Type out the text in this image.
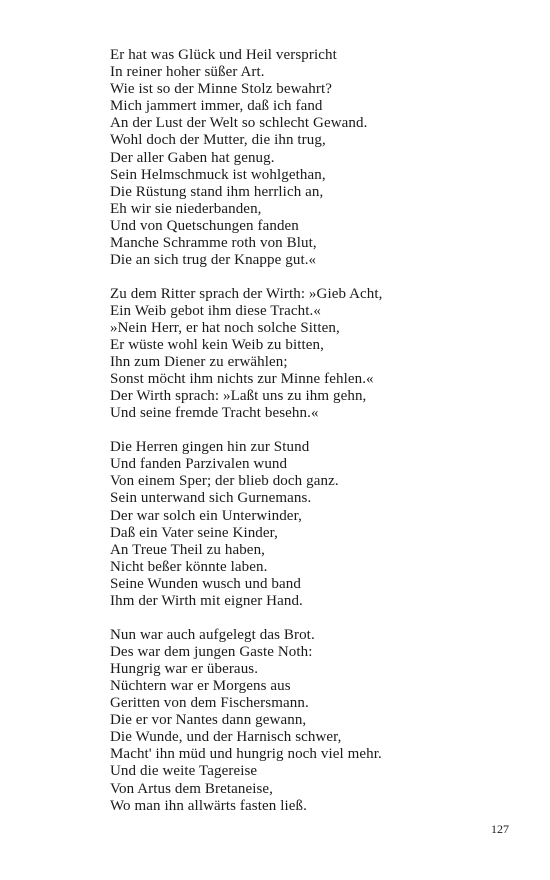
Er hat was Glück und Heil verspricht
In reiner hoher süßer Art.
Wie ist so der Minne Stolz bewahrt?
Mich jammert immer, daß ich fand
An der Lust der Welt so schlecht Gewand.
Wohl doch der Mutter, die ihn trug,
Der aller Gaben hat genug.
Sein Helmschmuck ist wohlgethan,
Die Rüstung stand ihm herrlich an,
Eh wir sie niederbanden,
Und von Quetschungen fanden
Manche Schramme roth von Blut,
Die an sich trug der Knappe gut.«
Zu dem Ritter sprach der Wirth: »Gieb Acht,
Ein Weib gebot ihm diese Tracht.«
»Nein Herr, er hat noch solche Sitten,
Er wüste wohl kein Weib zu bitten,
Ihn zum Diener zu erwählen;
Sonst möcht ihm nichts zur Minne fehlen.«
Der Wirth sprach: »Laßt uns zu ihm gehn,
Und seine fremde Tracht besehn.«
Die Herren gingen hin zur Stund
Und fanden Parzivalen wund
Von einem Sper; der blieb doch ganz.
Sein unterwand sich Gurnemans.
Der war solch ein Unterwinder,
Daß ein Vater seine Kinder,
An Treue Theil zu haben,
Nicht beßer könnte laben.
Seine Wunden wusch und band
Ihm der Wirth mit eigner Hand.
Nun war auch aufgelegt das Brot.
Des war dem jungen Gaste Noth:
Hungrig war er überaus.
Nüchtern war er Morgens aus
Geritten von dem Fischersmann.
Die er vor Nantes dann gewann,
Die Wunde, und der Harnisch schwer,
Macht' ihn müd und hungrig noch viel mehr.
Und die weite Tagereise
Von Artus dem Bretaneise,
Wo man ihn allwärts fasten ließ.
127
